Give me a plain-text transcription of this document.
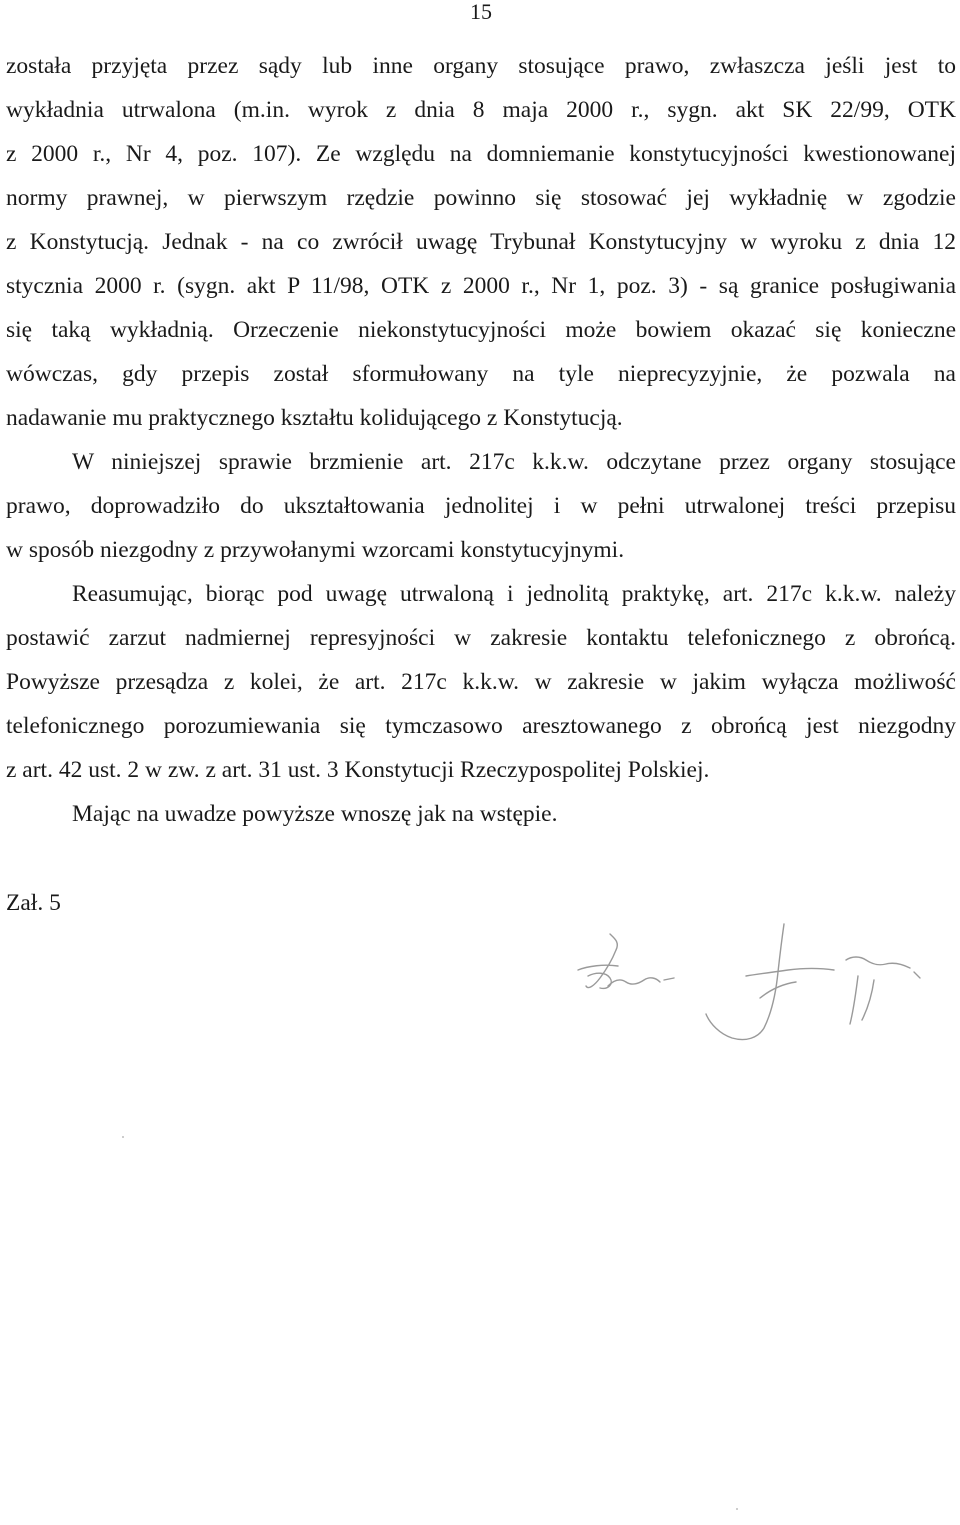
15
została przyjęta przez sądy lub inne organy stosujące prawo, zwłaszcza jeśli jest to
wykładnia utrwalona (m.in. wyrok z dnia 8 maja 2000 r., sygn. akt SK 22/99, OTK
z 2000 r., Nr 4, poz. 107). Ze względu na domniemanie konstytucyjności kwestionowanej
normy prawnej, w pierwszym rzędzie powinno się stosować jej wykładnię w zgodzie
z Konstytucją. Jednak - na co zwrócił uwagę Trybunał Konstytucyjny w wyroku z dnia 12
stycznia 2000 r. (sygn. akt P 11/98, OTK z 2000 r., Nr 1, poz. 3) - są granice posługiwania
się taką wykładnią. Orzeczenie niekonstytucyjności może bowiem okazać się konieczne
wówczas, gdy przepis został sformułowany na tyle nieprecyzyjnie, że pozwala na
nadawanie mu praktycznego kształtu kolidującego z Konstytucją.
W niniejszej sprawie brzmienie art. 217c k.k.w. odczytane przez organy stosujące
prawo, doprowadziło do ukształtowania jednolitej i w pełni utrwalonej treści przepisu
w sposób niezgodny z przywołanymi wzorcami konstytucyjnymi.
Reasumując, biorąc pod uwagę utrwaloną i jednolitą praktykę, art. 217c k.k.w. należy
postawić zarzut nadmiernej represyjności w zakresie kontaktu telefonicznego z obrońcą.
Powyższe przesądza z kolei, że art. 217c k.k.w. w zakresie w jakim wyłącza możliwość
telefonicznego porozumiewania się tymczasowo aresztowanego z obrońcą jest niezgodny
z art. 42 ust. 2 w zw. z art. 31 ust. 3 Konstytucji Rzeczypospolitej Polskiej.
Mając na uwadze powyższe wnoszę jak na wstępie.
Zał. 5
